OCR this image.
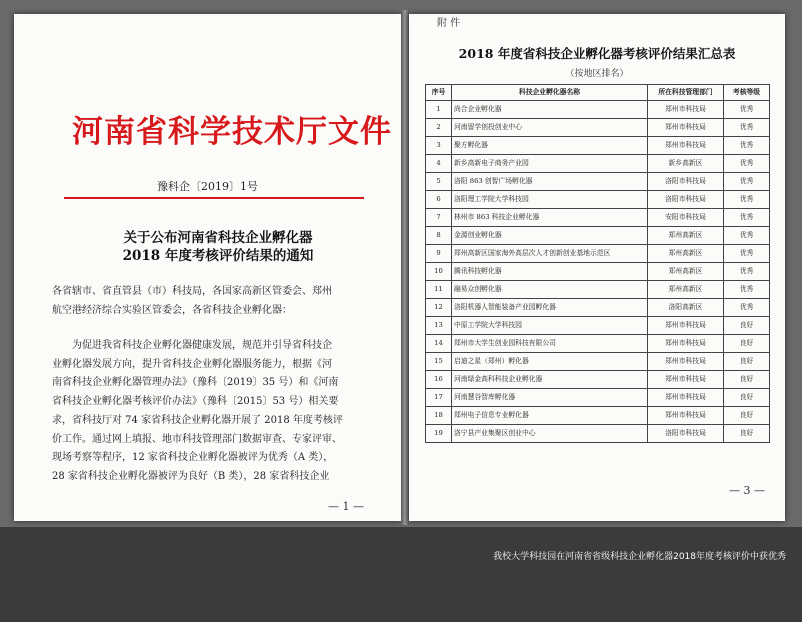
河南省科学技术厅文件
豫科企〔2019〕1号
关于公布河南省科技企业孵化器
2018 年度考核评价结果的通知
各省辖市、省直管县（市）科技局，各国家高新区管委会、郑州
航空港经济综合实验区管委会，各省科技企业孵化器：
为促进我省科技企业孵化器健康发展，规范并引导省科技企
业孵化器发展方向，提升省科技企业孵化器服务能力，根据《河
南省科技企业孵化器管理办法》（豫科〔2019〕35 号）和《河南
省科技企业孵化器考核评价办法》（豫科〔2015〕53 号）相关要
求，省科技厅对 74 家省科技企业孵化器开展了 2018 年度考核评
价工作。通过网上填报、地市科技管理部门数据审查、专家评审、
现场考察等程序，12 家省科技企业孵化器被评为优秀（A 类），
28 家省科技企业孵化器被评为良好（B 类），28 家省科技企业
— 1 —
附 件
2018 年度省科技企业孵化器考核评价结果汇总表
（按地区排名）
序号	科技企业孵化器名称	所在科技管理部门	考核等级
1	尚合企业孵化器	郑州市科技局	优秀
2	河南留学创投创业中心	郑州市科技局	优秀
3	聚方孵化器	郑州市科技局	优秀
4	新乡高新电子商务产业园	新乡高新区	优秀
5	洛阳 863 创智广场孵化器	洛阳市科技局	优秀
6	洛阳理工学院大学科技园	洛阳市科技局	优秀
7	林州市 863 科技企业孵化器	安阳市科技局	优秀
8	金源创业孵化器	郑州高新区	优秀
9	郑州高新区国家海外高层次人才创新创业基地示范区	郑州高新区	优秀
10	腾讯科技孵化器	郑州高新区	优秀
11	融易众创孵化器	郑州高新区	优秀
12	洛阳机器人智能装备产业园孵化器	洛阳高新区	优秀
13	中原工学院大学科技园	郑州市科技局	良好
14	郑州市大学生创业园科技有限公司	郑州市科技局	良好
15	启迪之星（郑州）孵化器	郑州市科技局	良好
16	河南绿金高科科技企业孵化器	郑州市科技局	良好
17	河南慧谷智库孵化器	郑州市科技局	良好
18	郑州电子信息专业孵化器	郑州市科技局	良好
19	洛宁县产业集聚区创业中心	洛阳市科技局	良好
— 3 —
我校大学科技园在河南省省级科技企业孵化器2018年度考核评价中获优秀
